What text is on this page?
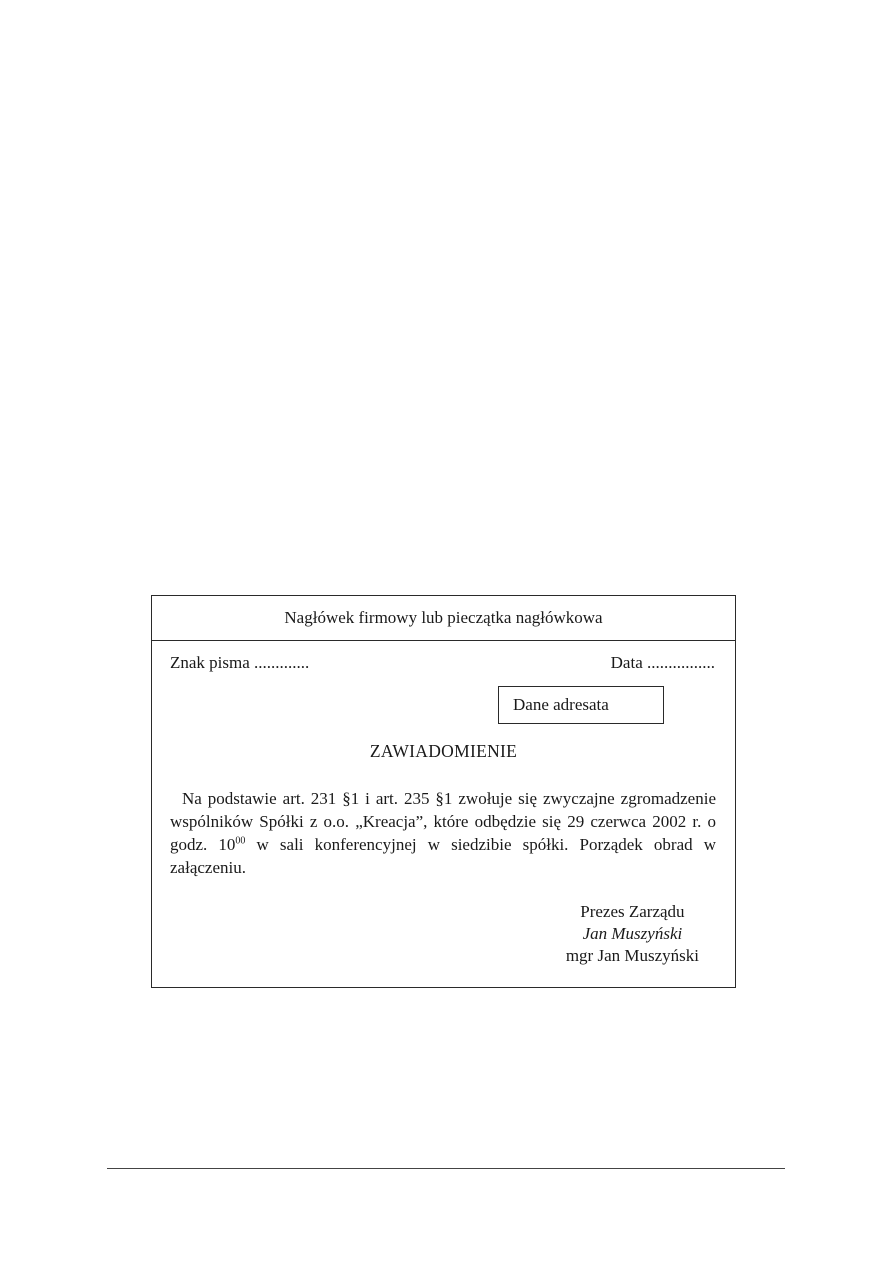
Nagłówek firmowy lub pieczątka nagłówkowa
Znak pisma .............	Data ................
Dane adresata
ZAWIADOMIENIE

Na podstawie art. 231 §1 i art. 235 §1 zwołuje się zwyczajne zgromadzenie wspólników Spółki z o.o. „Kreacja”, które odbędzie się 29 czerwca 2002 r. o godz. $10^{00}$ w sali konferencyjnej w siedzibie spółki. Porządek obrad w załączeniu.

Prezes Zarządu
Jan Muszyński
mgr Jan Muszyński
